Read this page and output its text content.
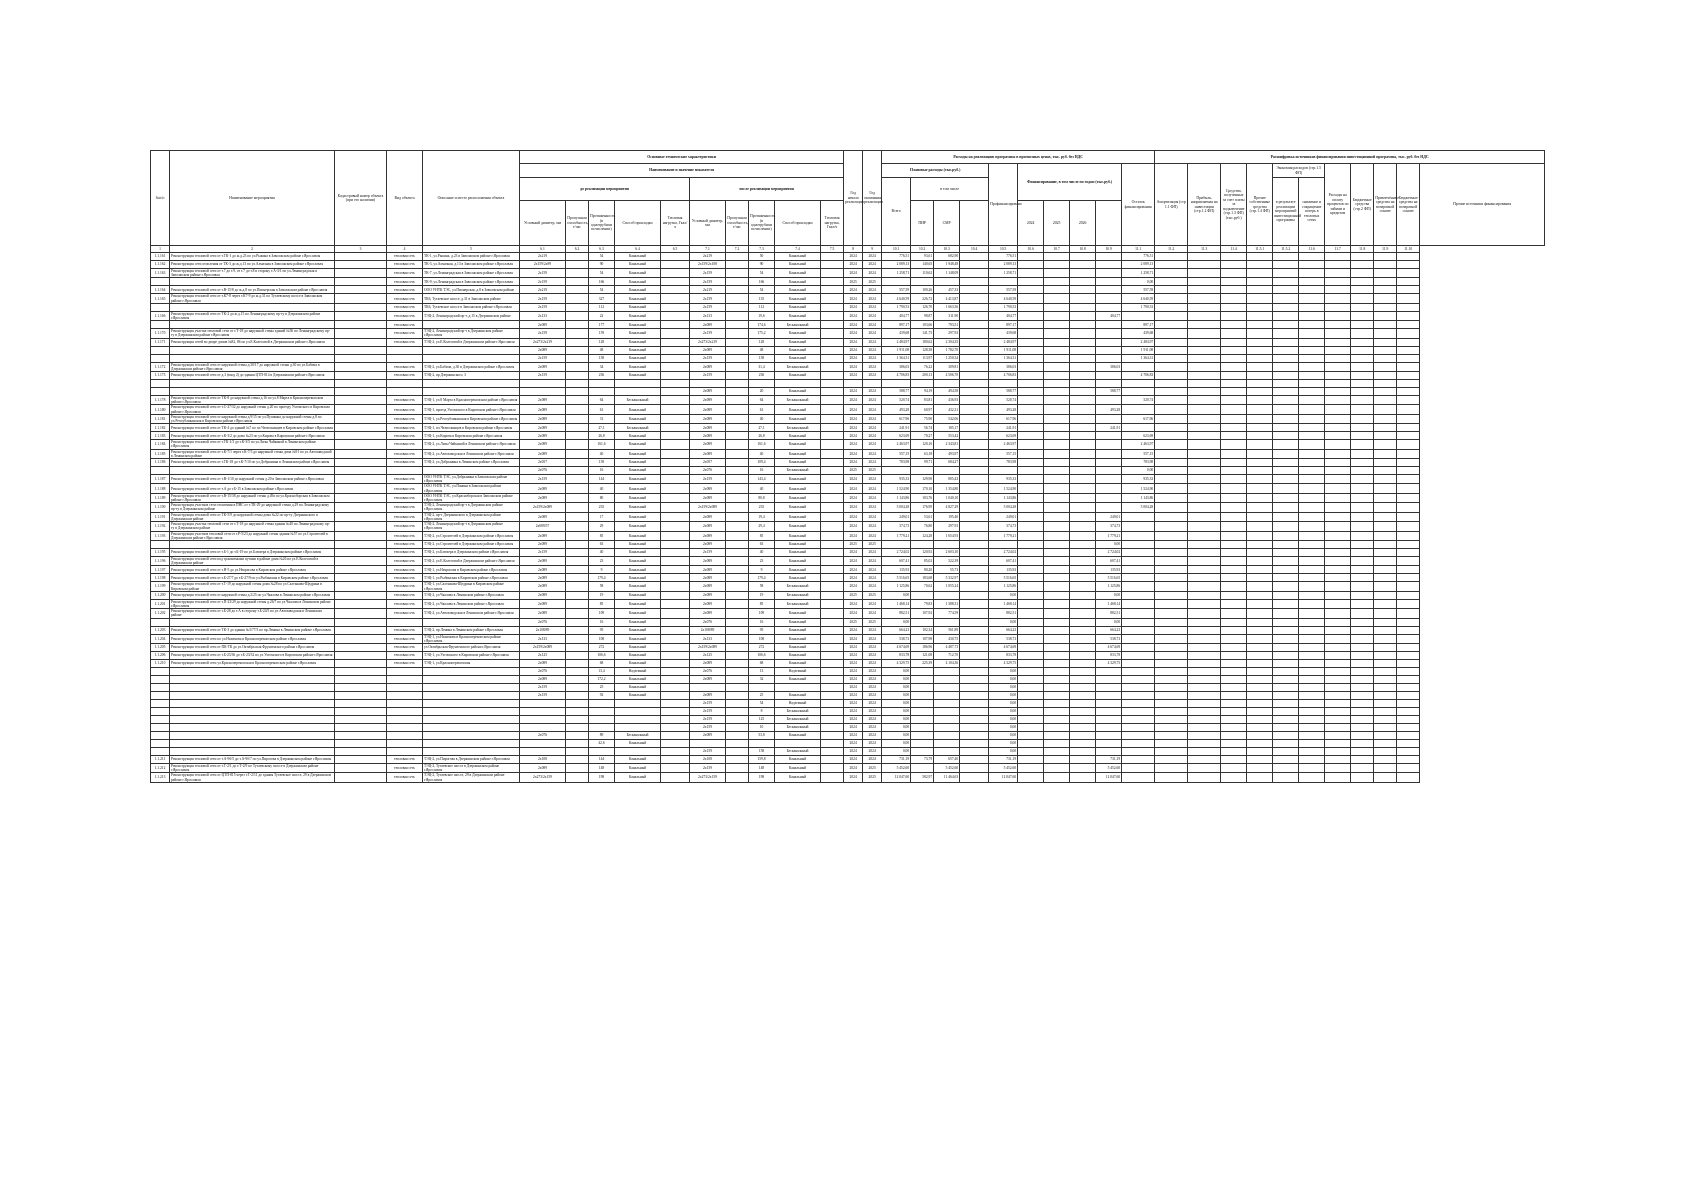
№п/п	Наименование мероприятия	Кадастровый номер объекта (при его наличии)	Вид объекта	Описание и место расположения объекта	Основные технические характеристики										Год начала реализации	Год окончания реализации	Расходы на реализацию программы в прогнозных ценах, тыс. руб. без НДС										Расшифровка источников финансирования инвестиционной программы, тыс. руб. без НДС										
					Наименование и значение показателя												Плановые расходы (тыс.руб.)				Профинансировано	Финансирование, в том числе по годам (тыс.руб.)				Остаток финансирования	Амортизация (стр 1.1 ФП)	Прибыль, направляемая на инвестиции (стр.1.2 ФП)	Средства, полученные за счет платы за подключение (стр.1.3 ФП) (тыс.руб.)	Прочие собственные средства (стр.1.4 ФП)	Экономия расходов (стр.1.5 ФП)		Расходы на оплату процентов по займам и кредитам	Бюджетные средства (стр.2 ФП)	Привлечённые средства на возвратной основе	Бюджетные средства на возвратной основе	Прочие источники финансирования
					до реализации мероприятия					после реализации мероприятия							Всего	в том числе													в результате реализации мероприятий инвестиционной программы	снижение и сокращение потерь в тепловых сетях					
					Условный диаметр, мм	Пропускная способность, т/час	Протяженность (в однотрубном исчислении)	Способ прокладки	Тепловая нагрузка, Гкал/ч	Условный диаметр, мм	Пропускная способность, т/час	Протяженность (в однотрубном исчислении)	Способ прокладки	Тепловая нагрузка, Гкал/ч				ПИР	СМР			2024	2025	2026													
1	2	3	4	5	6.1	6.2	6.3	6.4	6.5	7.1	7.2	7.3	7.4	7.5	8	9	10.1	10.2	10.3	10.4	10.5	10.6	10.7	10.8	10.9	11.1	11.2	11.3	11.4	11.5.1	11.5.2	11.6	11.7	11.8	11.9	11.10	
1.1.161	Реконструкция тепловой сети от т.ТК-1 до ж.д.23 по ул.Рыкина в Заволжском районе г.Ярославля		тепловая сеть	ТК-1, ул.Рыкина, д.23 в Заволжском районе г.Ярославля	2x219		54	Канальный		2x219		50	Канальный		2024	2024	776,51	93,61	682,90		776,51					776,51											
1.1.162	Реконструкция сети отопления от ТК-3 до ж.д.13 по ул.Алмазная в Заволжском районе г.Ярославля		тепловая сеть	ТК-3, ул.Алмазная, д.13 в Заволжском районе г.Ярославля	2x159/2x89		90	Канальный		2x159/2x108		90	Канальный		2024	2024	2 089,13	140,65	1 948,48		2 089,13					2 089,13											
1.1.163	Реконструкция тепловой сети от т.7 до т.9, от т.7 до т.8 в сторону т.А-3/1 по ул.Ленинградская в Заволжском районе г.Ярославля		тепловая сеть	ТК-7, ул.Ленинградская в Заволжском районе г.Ярославля	2x159		54	Канальный		2x159		54	Канальный		2024	2024	1 258,71	110,62	1 148,09		1 258,71					1 258,71											
			тепловая сеть	ТК-9, ул.Ленинградская в Заволжском районе г.Ярославля	2x159		166	Канальный		2x159		166	Канальный		2025	2025										0,00											
1.1.164	Реконструкция тепловой сети от т.В-15/8 до ж.д.8 по ул.Пионерская в Заволжском районе г.Ярославля		тепловая сеть	ООО УНТК ТЭС, ул.Пионерская, д.8 в Заволжском районе	2x219		54	Канальный		2x219		54	Канальный		2024	2024	557,59	100,26	457,33		557,59					557,59											
1.1.165	Реконструкция тепловой сети от т.К7-8 через т.К7-9 до ж.д.31 по Тутаевскому шоссе в Заволжском районе г.Ярославля		тепловая сеть	ТК6, Тутаевское шоссе, д.31 в Заволжском районе	2x159		327	Канальный		2x159		135	Канальный		2024	2024	4 640,59	226,72	4 413,87		4 640,59					4 640,59											
			тепловая сеть	ТК6, Тутаевское шоссе в Заволжском районе г.Ярославля	2x159		112	Канальный		2x159		112	Канальный		2024	2024	1 790,53	126,70	1 663,56		1 790,53					1 790,53											
1.1.166	Реконструкция тепловой сети от ТК-2 до ж.д.15 по Ленинградскому пр-ту в Дзержинском районе г.Ярославля		тепловая сеть	ТЭЦ-2, Ленинградский пр-т, д.15 в Дзержинском районе	2x133		22	Канальный		2x133		19,6	Канальный		2024	2024	404,77	98,87	311,90		404,77				404,77												
			тепловая сеть		2x089		177	Канальный		2x089		174,6	Бесканальный		2024	2024	897,17	103,66	793,51		897,17					897,17											
1.1.170	Реконструкция участка тепловой сети от т.Т-18 до наружной стены зданий №56 по Ленинградскому пр-ту в Дзержинском районе г.Ярославля		тепловая сеть	ТЭЦ-2, Ленинградский пр-т в Дзержинском районе г.Ярославля	2x159		159	Канальный		2x159		175,2	Канальный		2024	2024	439,68	141,75	297,93		439,68					439,68											
1.1.171	Реконструкция сетей во дворе домов №82, 86 по ул.Е.Колесовой в Дзержинском районе г.Ярославля		тепловая сеть	ТЭЦ-2, ул.Е.Колесовой в Дзержинском районе г.Ярославля	2x273/2x219		128	Канальный		2x273/2x219		128	Канальный		2024	2024	2 484,97	180,62	2 304,35		2 484,97					2 484,97											
					2x089		48	Канальный		2x089		48	Канальный		2024	2024	1 911,08	128,38	1 782,70		1 911,08					1 911,08											
					2x159		158	Канальный		2x159		158	Канальный		2024	2024	1 364,31	113,97	1 250,34		1 364,31					1 364,31											
1.1.172	Реконструкция тепловой сети от наружной стены д.30/17 до наружной стены д.30 по ул.Бабича в Дзержинском районе г.Ярославля		тепловая сеть	ТЭЦ-2, ул.Бабича, д.30 в Дзержинском районе г.Ярославля	2x089		34	Канальный		2x089		31,4	Бесканальный		2024	2024	386,03	76,22	309,81		386,03				386,03												
1.1.173	Реконструкция тепловой сети от д.3 (вход 2) до здания ЦТП-814 в Дзержинском районе г.Ярославля		тепловая сеть	ТЭЦ-2, пр.Дзержинского, 3	2x159		236	Канальный		2x159		236	Канальный		2024	2024	4 706,83	200,13	4 506,70		4 706,83					4 706,83											

										2x089		20	Канальный		2024	2024	588,77	94,19	494,58		588,77				588,77												
1.1.178	Реконструкция тепловой сети от ТК-8 до наружной стены д.16 по ул.8 Марта в Красноперекопском районе г.Ярославля		тепловая сеть	ТЭЦ-1, ул.8 Марта в Красноперекопском районе г.Ярославля	2x089		64	Бесканальный		2x089		64	Бесканальный		2024	2024	520,74	83,81	436,93		520,74					520,74											
1.1.180	Реконструкция тепловой сети от т.С-27/32 до наружной стены д.20 по проезду Ухтомского в Кировском районе г.Ярославля		тепловая сеть	ТЭЦ-1, проезд Ухтомского в Кировском районе г.Ярославля	2x089		61	Канальный		2x089		61	Канальный		2024	2024	493,28	60,97	432,31		493,28				493,28												
1.1.181	Реконструкция тепловой сети от наружной стены д.9/15 по ул.Пушкина до наружной стены д.8 по ул.Республиканская в Кировском районе г.Ярославля		тепловая сеть	ТЭЦ-1, ул.Республиканская в Кировском районе г.Ярославля	2x089		31	Канальный		2x089		40	Канальный		2024	2024	617,96	75,90	542,06		617,96					617,96											
1.1.182	Реконструкция тепловой сети от ТК-4 до зданий №7 по пл.Челюскинцев в Кировском районе г.Ярославля		тепловая сеть	ТЭЦ-1, пл.Челюскинцев в Кировском районе г.Ярославля	2x089		27,1	Бесканальный		2x089		27,1	Бесканальный		2024	2024	241,91	56,74	185,17		241,91				241,91												
1.1.183	Реконструкция тепловой сети от т.К-3/2 до дома №23 по ул.Кирова в Кировском районе г.Ярославля		тепловая сеть	ТЭЦ-1, ул.Кирова в Кировском районе г.Ярославля	2x089		26,8	Канальный		2x089		26,8	Канальный		2024	2024	623,69	70,27	553,42		623,69					623,69											
1.1.184	Реконструкция тепловой сети от т.ТК-1/3 до т.К-3/5 по ул.Лизы Чайкиной в Ленинском районе г.Ярославля		тепловая сеть	ТЭЦ-2, ул.Лизы Чайкиной в Ленинском районе г.Ярославля	2x089		161,6	Канальный		2x089		161,6	Канальный		2024	2024	2 463,97	120,16	2 343,81		2 463,97					2 463,97											
1.1.185	Реконструкция тепловой сети от т.К-7/1 через т.К-7/3 до наружной стены дома №91 по ул.Автозаводской в Ленинском районе		тепловая сеть	ТЭЦ-2, ул.Автозаводская в Ленинском районе г.Ярославля	2x089		40	Канальный		2x089		40	Канальный		2024	2024	557,15	63,18	493,97		557,15					557,15											
1.1.186	Реконструкция тепловой сети от т.ТК-18 до т.К-7/10 по ул.Добрынина в Ленинском районе г.Ярославля		тепловая сеть	ТЭЦ-2, ул.Добрынина в Ленинском районе г.Ярославля	2x057		139	Канальный		2x057		109,4	Канальный		2024	2024	783,98	99,71	684,27		783,98					783,98											
					2x076		16	Канальный		2x076		16	Бесканальный		2025	2025										0,00											
1.1.187	Реконструкция тепловой сети от т.В-1/10 до наружной стены д.20 в Заволжском районе г.Ярославля		тепловая сеть	ООО УНТК ТЭС, ул.Добрынина в Заволжском районе г.Ярославля	2x159		144	Канальный		2x159		143,4	Канальный		2024	2024	935,33	129,90	805,43		935,33					935,33											
1.1.188	Реконструкция тепловой сети от т.А до т.Б-15 в Заволжском районе г.Ярославля		тепловая сеть	ООО УНТК ТЭС, ул.Панина в Заволжском районе г.Ярославля	2x089		40	Канальный		2x089		40	Канальный		2024	2024	1 524,90	170,10	1 354,80		1 524,90					1 524,90											
1.1.189	Реконструкция тепловой сети от т.В-15/38 до наружной стены д.49а по ул.Красноборская в Заволжском районе г.Ярославля		тепловая сеть	ООО УНТК ТЭС, ул.Красноборская в Заволжском районе г.Ярославля	2x089		80	Канальный		2x089		80,8	Канальный		2024	2024	1 143,86	103,76	1 040,10		1 143,86					1 143,86											
1.1.190	Реконструкция участков сети отопления в ПНС от т.ТК-29 до наружной стены д.29 по Ленинградскому пр-ту в Дзержинском районе		тепловая сеть	ТЭЦ-2, Ленинградский пр-т в Дзержинском районе г.Ярославля	2x159/2x089		235	Канальный		2x159/2x089		235	Канальный		2024	2024	5 004,28	176,99	4 827,29		5 004,28					5 004,28											
1.1.191	Реконструкция тепловой сети от ТК-5/9 до наружной стены дома №22 по пр-ту Дзержинского в Дзержинском районе		тепловая сеть	ТЭЦ-2, пр-т Дзержинского в Дзержинском районе г.Ярославля	2x089		17	Канальный		2x089		19,4	Канальный		2024	2024	249,01	53,61	195,40		249,01				249,01												
1.1.192	Реконструкция участка тепловой сети от т.Т-18 до наружной стены здания №40 по Ленинградскому пр-ту в Дзержинском районе		тепловая сеть	ТЭЦ-2, Ленинградский пр-т в Дзержинском районе г.Ярославля	2x089/57		29	Канальный		2x089		29,4	Канальный		2024	2024	374,73	76,80	297,93		374,73				374,73												
1.1.193	Реконструкция участков тепловой сети от т.Р-5/23 до наружной стены здания №57 по ул.Строителей в Дзержинском районе г.Ярославля		тепловая сеть	ТЭЦ-2, ул.Строителей в Дзержинском районе г.Ярославля	2x089		85	Канальный		2x089		85	Канальный		2024	2024	1 779,21	124,28	1 654,93		1 779,21				1 779,21												
			тепловая сеть	ТЭЦ-2, ул.Строителей в Дзержинском районе г.Ярославля	2x089		63	Канальный		2x089		63	Канальный		2025	2025									0,00												
1.1.195	Реконструкция тепловой сети от т.Б-1 до т.Б-19 по ул.Блюхера в Дзержинском районе г.Ярославля		тепловая сеть	ТЭЦ-2, ул.Блюхера в Дзержинском районе г.Ярославля	2x159		40	Канальный		2x159		40	Канальный		2024	2024	2 724,02	120,92	2 603,10		2 724,02				2 724,02												
1.1.196	Реконструкция тепловой сети под транзитными путями в районе дома №26 по ул.Е.Колесовой в Дзержинском районе		тепловая сеть	ТЭЦ-2, ул.Е.Колесовой в Дзержинском районе г.Ярославля	2x089		23	Канальный		2x089		23	Канальный		2024	2024	607,41	85,02	522,39		607,41				607,41												
1.1.197	Реконструкция тепловой сети от т.Н-5 до ул.Некрасова в Кировском районе г.Ярославля		тепловая сеть	ТЭЦ-1, ул.Некрасова в Кировском районе г.Ярославля	2x089		9	Канальный		2x089		9	Канальный		2024	2024	135,93	80,20	55,73		135,93				135,93												
1.1.198	Реконструкция тепловой сети от т.Б-27/7 до т.Б-27/9 по ул.Рыбинская в Кировском районе г.Ярославля		тепловая сеть	ТЭЦ-1, ул.Рыбинская в Кировском районе г.Ярославля	2x089		179,4	Канальный		2x089		179,4	Канальный		2024	2024	5 516,65	183,68	5 332,97		5 516,65				5 516,65												
1.1.199	Реконструкция тепловой сети от т.Т-19 до наружной стены дома №28 по ул.Салтыкова-Щедрина в Кировском районе		тепловая сеть	ТЭЦ-1, ул.Салтыкова-Щедрина в Кировском районе г.Ярославля	2x089		58	Канальный		2x089		58	Бесканальный		2024	2024	1 125,86	70,62	1 055,24		1 125,86				1 125,86												
1.1.200	Реконструкция тепловой сети от наружной стены д.2/25 по ул.Чкалова в Ленинском районе г.Ярославля		тепловая сеть	ТЭЦ-2, ул.Чкалова в Ленинском районе г.Ярославля	2x089		19	Канальный		2x089		19	Бесканальный		2025	2025	0,00				0,00				0,00												
1.1.201	Реконструкция тепловой сети от т.П-23/29 до наружной стены д.26/7 по ул.Чкалова в Ленинском районе г.Ярославля		тепловая сеть	ТЭЦ-2, ул.Чкалова в Ленинском районе г.Ярославля	2x089		85	Канальный		2x089		85	Бесканальный		2024	2024	1 468,14	79,83	1 388,31		1 468,14				1 468,14												
1.1.202	Реконструкция тепловой сети от т.Б-28 до т.А в сторону т.Б-24/5 по ул.Автозаводская в Ленинском районе		тепловая сеть	ТЭЦ-2, ул.Автозаводская в Ленинском районе г.Ярославля	2x089		109	Канальный		2x089		109	Канальный		2024	2024	882,51	107,92	774,59		882,51				882,51												
					2x076		16	Канальный		2x076		16	Канальный		2025	2025	0,00				0,00				0,00												
1.1.203	Реконструкция тепловой сети от ТК-3 до здания №3/77/3 по пр.Ленина в Ленинском районе г.Ярославля		тепловая сеть	ТЭЦ-2, пр.Ленина в Ленинском районе г.Ярославля	2x108/89		95	Канальный		2x108/89		95	Канальный		2024	2024	664,23	102,34	561,89		664,23				664,23												
1.1.204	Реконструкция тепловой сети по ул.Нахимова в Красноперекопском районе г.Ярославля		тепловая сеть	ТЭЦ-1, ул.Нахимова в Красноперекопском районе г.Ярославля	2x133		108	Канальный		2x133		108	Канальный		2024	2024	538,73	107,98	430,75		538,73				538,73												
1.1.205	Реконструкция тепловой сети от ПК-ТК до ул.Октябрьская Фрунзенского района г.Ярославля		тепловая сеть	ул.Октябрьская Фрунзенского района г.Ярославля	2x159/2x089		272	Канальный		2x159/2x089		272	Канальный		2024	2024	4 674,69	186,96	4 487,73		4 674,69				4 674,69												
1.1.206	Реконструкция тепловой сети от т.Б-23/36 до т.Б-23/32 по ул.Ухтомского в Кировском районе г.Ярославля		тепловая сеть	ТЭЦ-1, ул.Ухтомского в Кировском районе г.Ярославля	2x125		106,6	Канальный		2x125		106,6	Канальный		2024	2024	833,78	121,08	712,70		833,78				833,78												
1.1.210	Реконструкция тепловой сети ул.Красноперекопская в Красноперекопском районе г.Ярославля		тепловая сеть	ТЭЦ-1, ул.Красноперекопская	2x089		68	Канальный		2x089		68	Канальный		2024	2024	4 329,75	225,39	4 104,36		4 329,75				4 329,75												
					2x076		13,4	Надземный		2x076		13	Надземный		2024	2024	0,00				0,00																
					2x089		172,2	Канальный		2x089		32	Канальный		2024	2024	0,00				0,00																
					2x159		25	Канальный							2024	2024	0,00				0,00																
					2x159		92	Канальный		2x089		25	Канальный		2024	2024	0,00				0,00																
										2x159		54	Надземный		2024	2024	0,00				0,00																
										2x159		8	Бесканальный		2024	2024	0,00				0,00																
										2x159		125	Бесканальный		2024	2024	0,00				0,00																
										2x159		10	Бесканальный		2024	2024	0,00				0,00																
					2x076		89	Бесканальный		2x089		53,8	Канальный		2024	2024	0,00				0,00																
							42,6	Канальный							2024	2024	0,00				0,00																
										2x159		158	Бесканальный		2024	2024	0,00				0,00																
1.1.211	Реконструкция тепловой сети от т.А-9б/5 до т.А-9б/7 по ул.Пирогова в Дзержинском районе г.Ярославля		тепловая сеть	ТЭЦ-2, ул.Пирогова в Дзержинском районе г.Ярославля	2x108		144	Канальный		2x108		159,8	Канальный		2024	2024	731,19	73,79	657,40		731,19				731,19												
1.1.212	Реконструкция тепловой сети от т.Т-2/1 до т.Т-2/9 по Тутаевскому шоссе в Дзержинском районе г.Ярославля		тепловая сеть	ТЭЦ-2, Тутаевское шоссе в Дзержинском районе г.Ярославля	2x089		148	Канальный		2x159		148	Канальный		2024	2025	5 452,60		5 452,60		5 452,60				5 452,60												
1.1.213	Реконструкция тепловой сети от ЦТП-815 через т.Т-2/11 до здания Тутаевское шоссе, 29 в Дзержинском районе г.Ярославля		тепловая сеть	ТЭЦ-2, Тутаевское шоссе, 29 в Дзержинском районе г.Ярославля	2x273/2x159		198	Канальный		2x273/2x159		198	Канальный		2024	2025	12 047,60	582,97	11 464,63		12 047,60				12 047,60												
